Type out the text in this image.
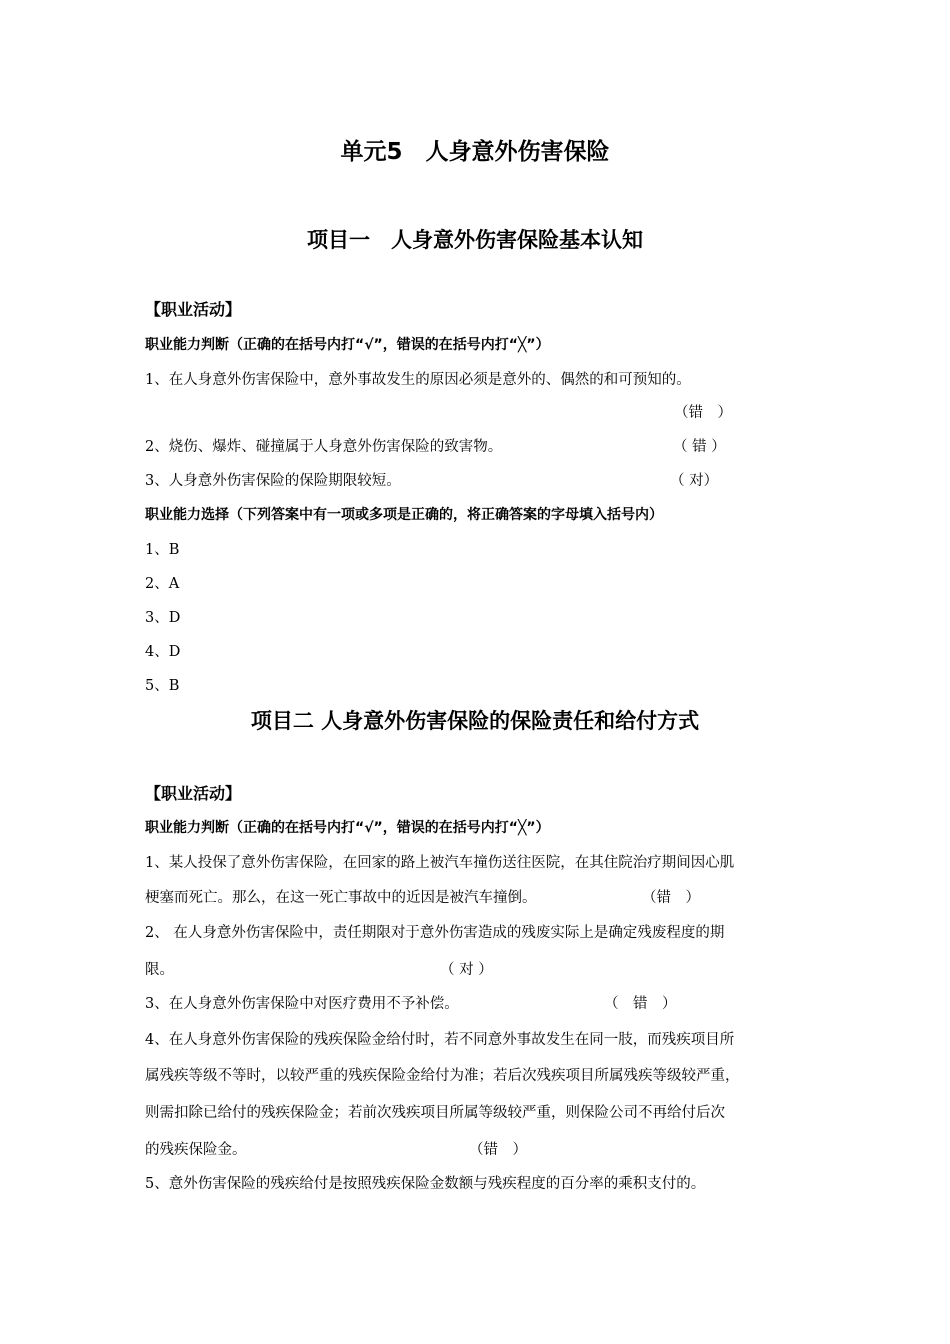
单元5　人身意外伤害保险
项目一　人身意外伤害保险基本认知
【职业活动】
职业能力判断（正确的在括号内打“√”，错误的在括号内打“╳”）
1、在人身意外伤害保险中，意外事故发生的原因必须是意外的、偶然的和可预知的。
（错　）
2、烧伤、爆炸、碰撞属于人身意外伤害保险的致害物。	（ 错 ）
3、人身意外伤害保险的保险期限较短。	（ 对）
职业能力选择（下列答案中有一项或多项是正确的，将正确答案的字母填入括号内）
1、B
2、A
3、D
4、D
5、B
项目二 人身意外伤害保险的保险责任和给付方式
【职业活动】
职业能力判断（正确的在括号内打“√”，错误的在括号内打“╳”）
1、某人投保了意外伤害保险，在回家的路上被汽车撞伤送往医院，在其住院治疗期间因心肌
梗塞而死亡。那么，在这一死亡事故中的近因是被汽车撞倒。	（错　）
2、 在人身意外伤害保险中，责任期限对于意外伤害造成的残废实际上是确定残废程度的期
限。	（ 对 ）
3、在人身意外伤害保险中对医疗费用不予补偿。	（　错　）
4、在人身意外伤害保险的残疾保险金给付时，若不同意外事故发生在同一肢，而残疾项目所
属残疾等级不等时，以较严重的残疾保险金给付为准；若后次残疾项目所属残疾等级较严重，
则需扣除已给付的残疾保险金；若前次残疾项目所属等级较严重，则保险公司不再给付后次
的残疾保险金。	（错　）
5、意外伤害保险的残疾给付是按照残疾保险金数额与残疾程度的百分率的乘积支付的。
